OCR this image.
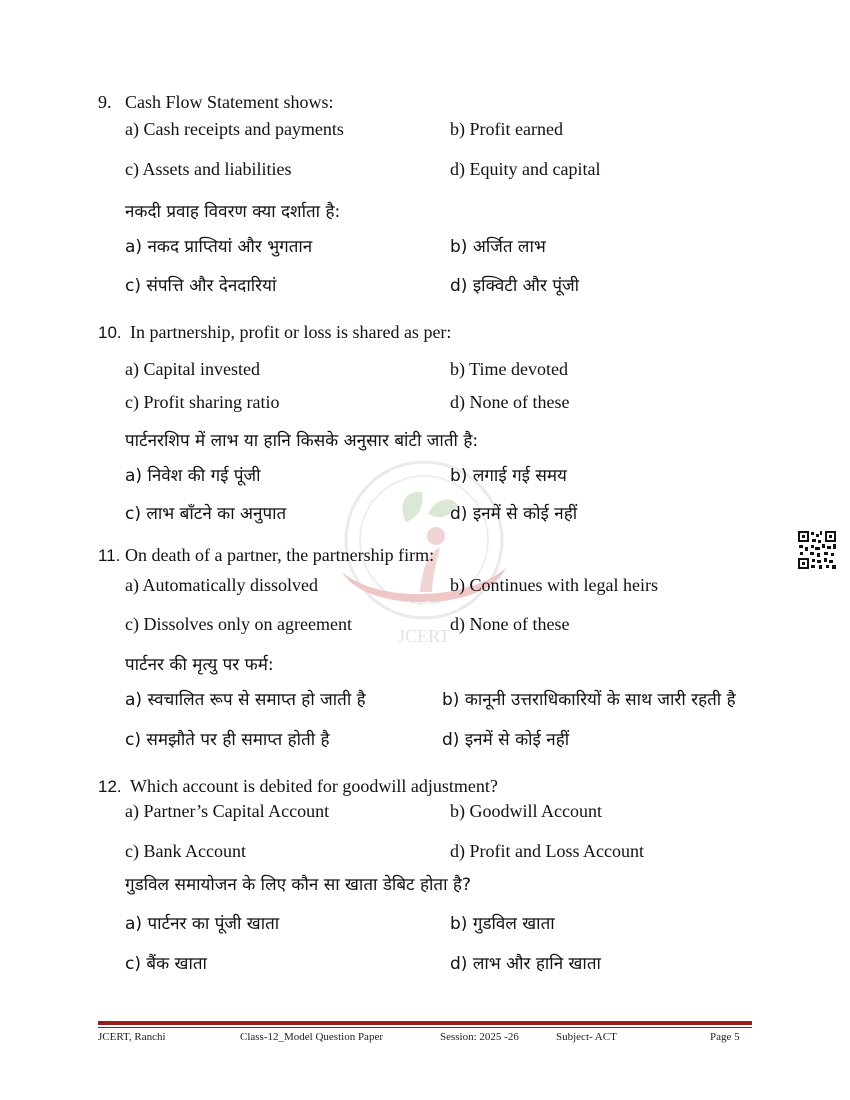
नवोन्मेष शोध नेतृत्व
JCERT
9. Cash Flow Statement shows:
a) Cash receipts and payments	b) Profit earned
c) Assets and liabilities	d) Equity and capital
नकदी प्रवाह विवरण क्या दर्शाता है:
a) नकद प्राप्तियां और भुगतान	b) अर्जित लाभ
c) संपत्ति और देनदारियां	d) इक्विटी और पूंजी
10. In partnership, profit or loss is shared as per:
a) Capital invested	b) Time devoted
c) Profit sharing ratio	d) None of these
पार्टनरशिप में लाभ या हानि किसके अनुसार बांटी जाती है:
a) निवेश की गई पूंजी	b) लगाई गई समय
c) लाभ बाँटने का अनुपात	d) इनमें से कोई नहीं
11. On death of a partner, the partnership firm:
a) Automatically dissolved	b) Continues with legal heirs
c) Dissolves only on agreement	d) None of these
पार्टनर की मृत्यु पर फर्म:
a) स्वचालित रूप से समाप्त हो जाती है	b) कानूनी उत्तराधिकारियों के साथ जारी रहती है
c) समझौते पर ही समाप्त होती है	d) इनमें से कोई नहीं
12. Which account is debited for goodwill adjustment?
a) Partner’s Capital Account	b) Goodwill Account
c) Bank Account	d) Profit and Loss Account
गुडविल समायोजन के लिए कौन सा खाता डेबिट होता है?
a) पार्टनर का पूंजी खाता	b) गुडविल खाता
c) बैंक खाता	d) लाभ और हानि खाता
JCERT, Ranchi	Class-12_Model Question Paper	Session: 2025 -26	Subject- ACT	Page 5
